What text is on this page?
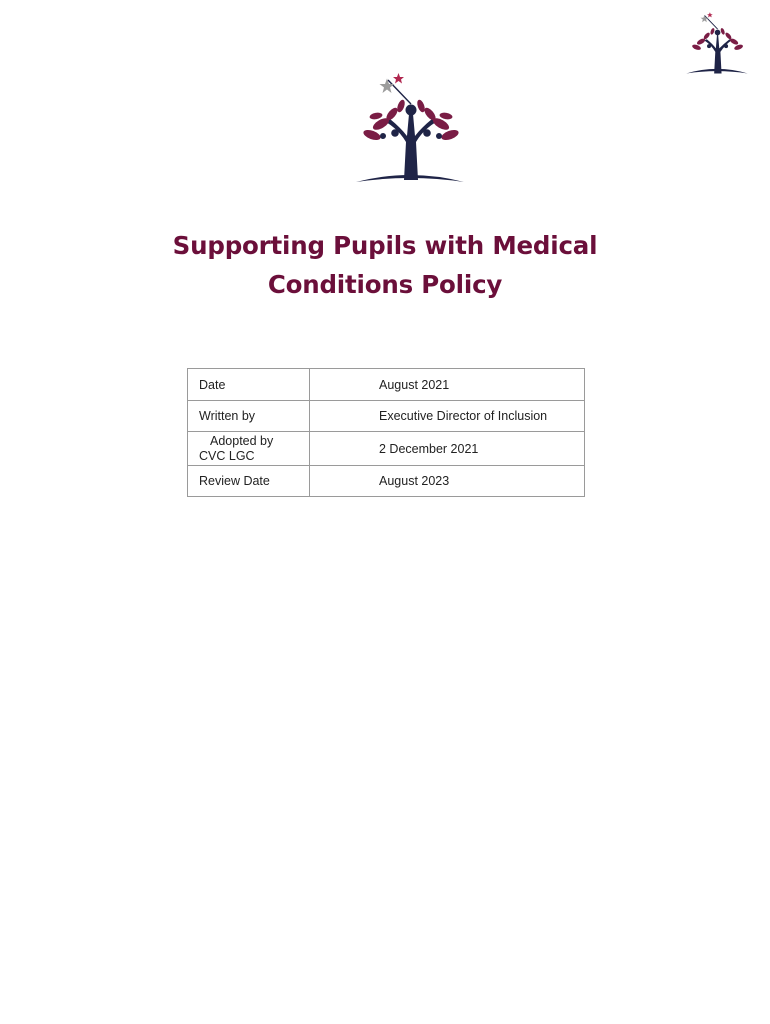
Supporting Pupils with Medical
Conditions Policy
Date	August 2021
Written by	Executive Director of Inclusion

Adopted by
CVC LGC	2 December 2021
Review Date	August 2023
